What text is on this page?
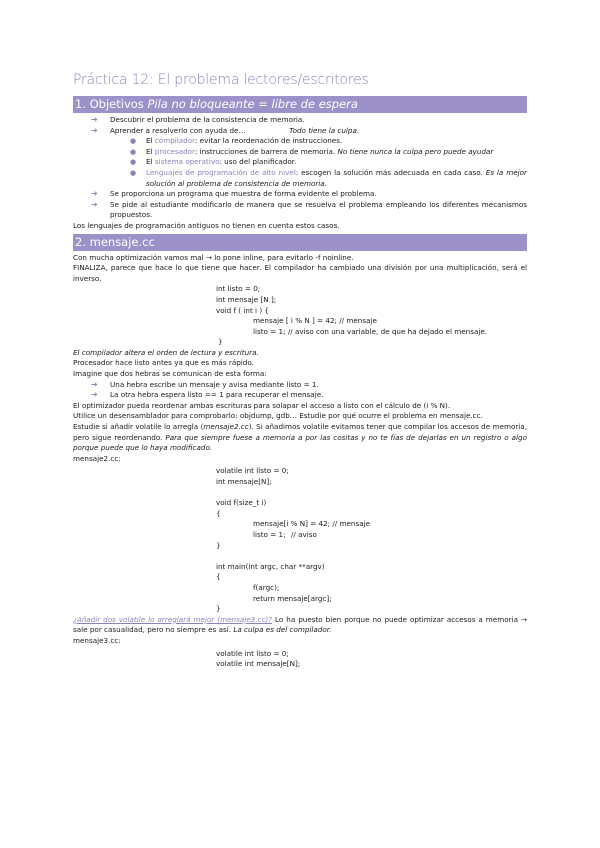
Práctica 12: El problema lectores/escritores
1. Objetivos Pila no bloqueante = libre de espera
➔ Descubrir el problema de la consistencia de memoria.
➔ Aprender a resolverlo con ayuda de…	Todo tiene la culpa.
● El compilador: evitar la reordenación de instrucciones.
● El procesador: instrucciones de barrera de memoria. No tiene nunca la culpa pero puede ayudar
● El sistema operativo: uso del planificador.
● Lenguajes de programación de alto nivel: escogen la solución más adecuada en cada caso. Es la mejor solución al problema de consistencia de memoria.
➔ Se proporciona un programa que muestra de forma evidente el problema.
➔ Se pide al estudiante modificarlo de manera que se resuelva el problema empleando los diferentes mecanismos propuestos.

Los lenguajes de programación antiguos no tienen en cuenta estos casos.

2. mensaje.cc

Con mucha optimización vamos mal → lo pone inline, para evitarlo -f noinline.

FINALIZA, parece que hace lo que tiene que hacer. El compilador ha cambiado una división por una multiplicación, será el inverso.

int listo = 0;
int mensaje [N ];
void f ( int i ) {
mensaje [ i % N ] = 42; // mensaje
listo = 1; // aviso con una variable, de que ha dejado el mensaje.
}

El compilador altera el orden de lectura y escritura.

Procesador hace listo antes ya que es más rápido.

Imagine que dos hebras se comunican de esta forma:

➔ Una hebra escribe un mensaje y avisa mediante listo = 1.
➔ La otra hebra espera listo == 1 para recuperar el mensaje.

El optimizador pueda reordenar ambas escrituras para solapar el acceso a listo con el cálculo de (i % N).

Utilice un desensamblador para comprobarlo: objdump, gdb… Estudie por qué ocurre el problema en mensaje.cc.

Estudie si añadir volatile lo arregla (mensaje2.cc). Si añadimos volatile evitamos tener que compilar los accesos de memoria, pero sigue reordenando. Para que siempre fuese a memoria a por las cositas y no te fías de dejarlas en un registro o algo porque puede que lo haya modificado.

mensaje2.cc:

volatile int listo = 0;
int mensaje[N];
void f(size_t i)
{
mensaje[i % N] = 42; // mensaje
listo = 1; // aviso
}
int main(int argc, char **argv)
{
f(argc);
return mensaje[argc];
}

¿Añadir dos volatile lo arreglará mejor (mensaje3.cc)? Lo ha puesto bien porque no puede optimizar accesos a memoria → sale por casualidad, pero no siempre es así. La culpa es del compilador.

mensaje3.cc:

volatile int listo = 0;
volatile int mensaje[N];
